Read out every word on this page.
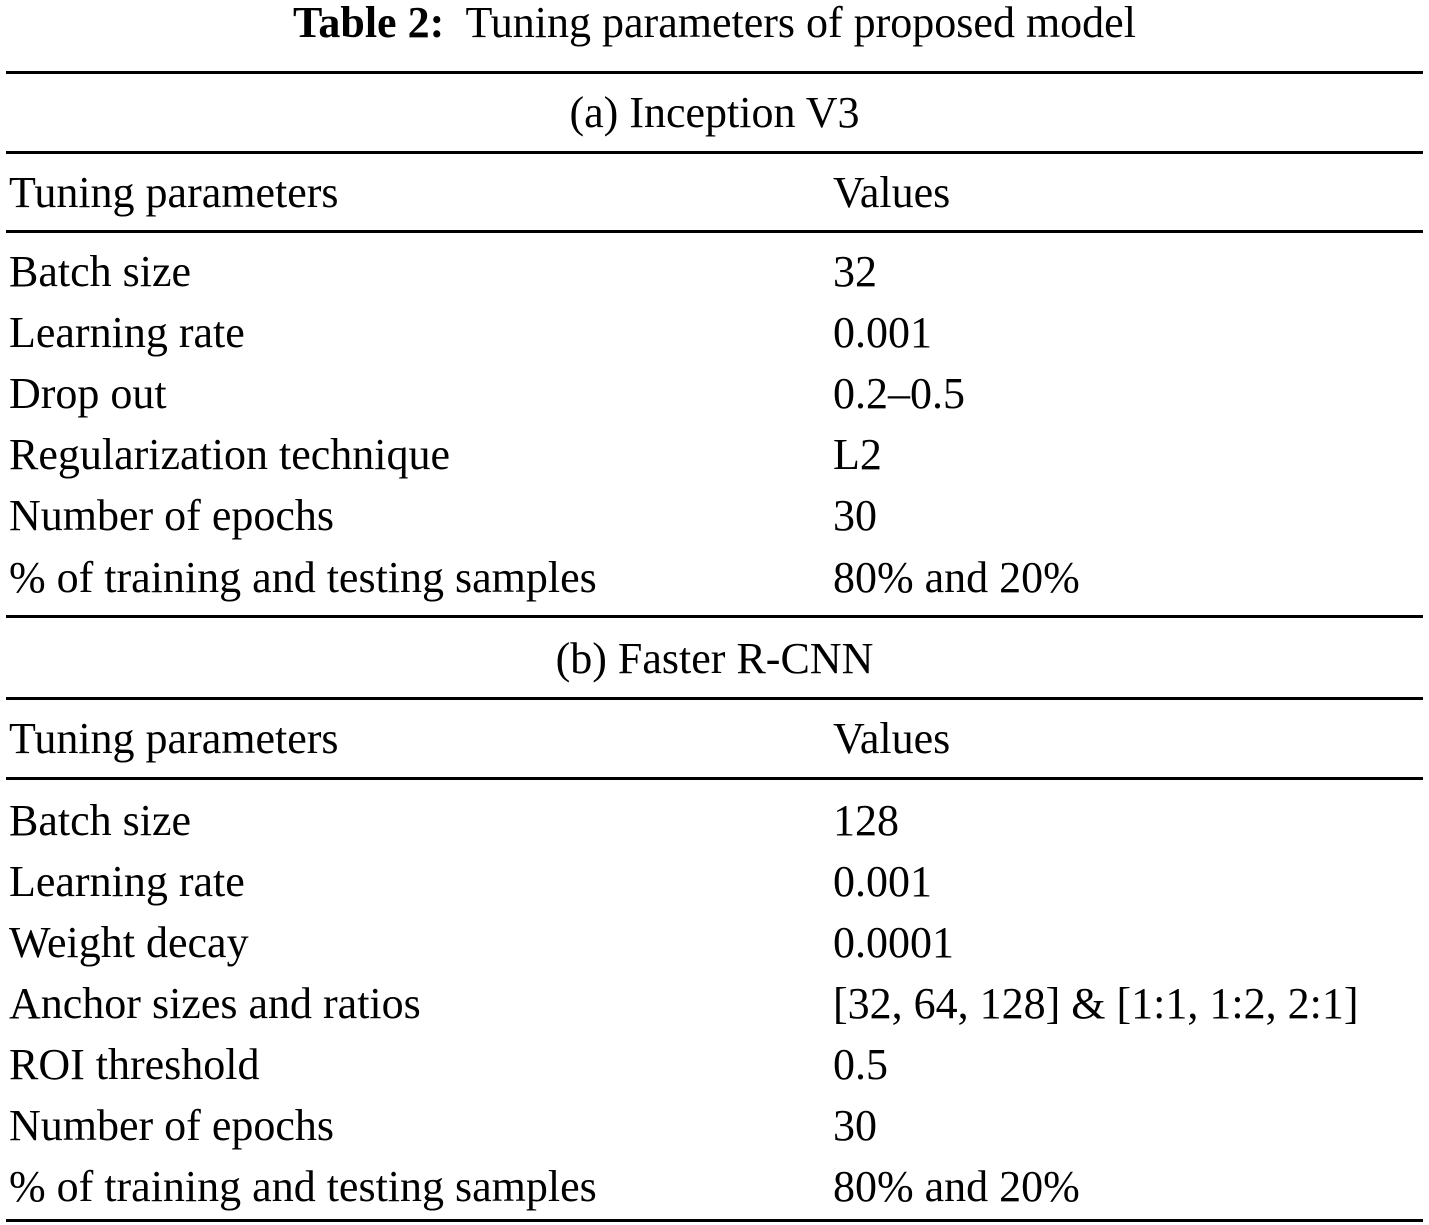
Table 2: Tuning parameters of proposed model
(a) Inception V3
Tuning parameters	Values
Batch size	32
Learning rate	0.001
Drop out	0.2–0.5
Regularization technique	L2
Number of epochs	30
% of training and testing samples	80% and 20%
(b) Faster R-CNN
Tuning parameters	Values
Batch size	128
Learning rate	0.001
Weight decay	0.0001
Anchor sizes and ratios	[32, 64, 128] & [1:1, 1:2, 2:1]
ROI threshold	0.5
Number of epochs	30
% of training and testing samples	80% and 20%
